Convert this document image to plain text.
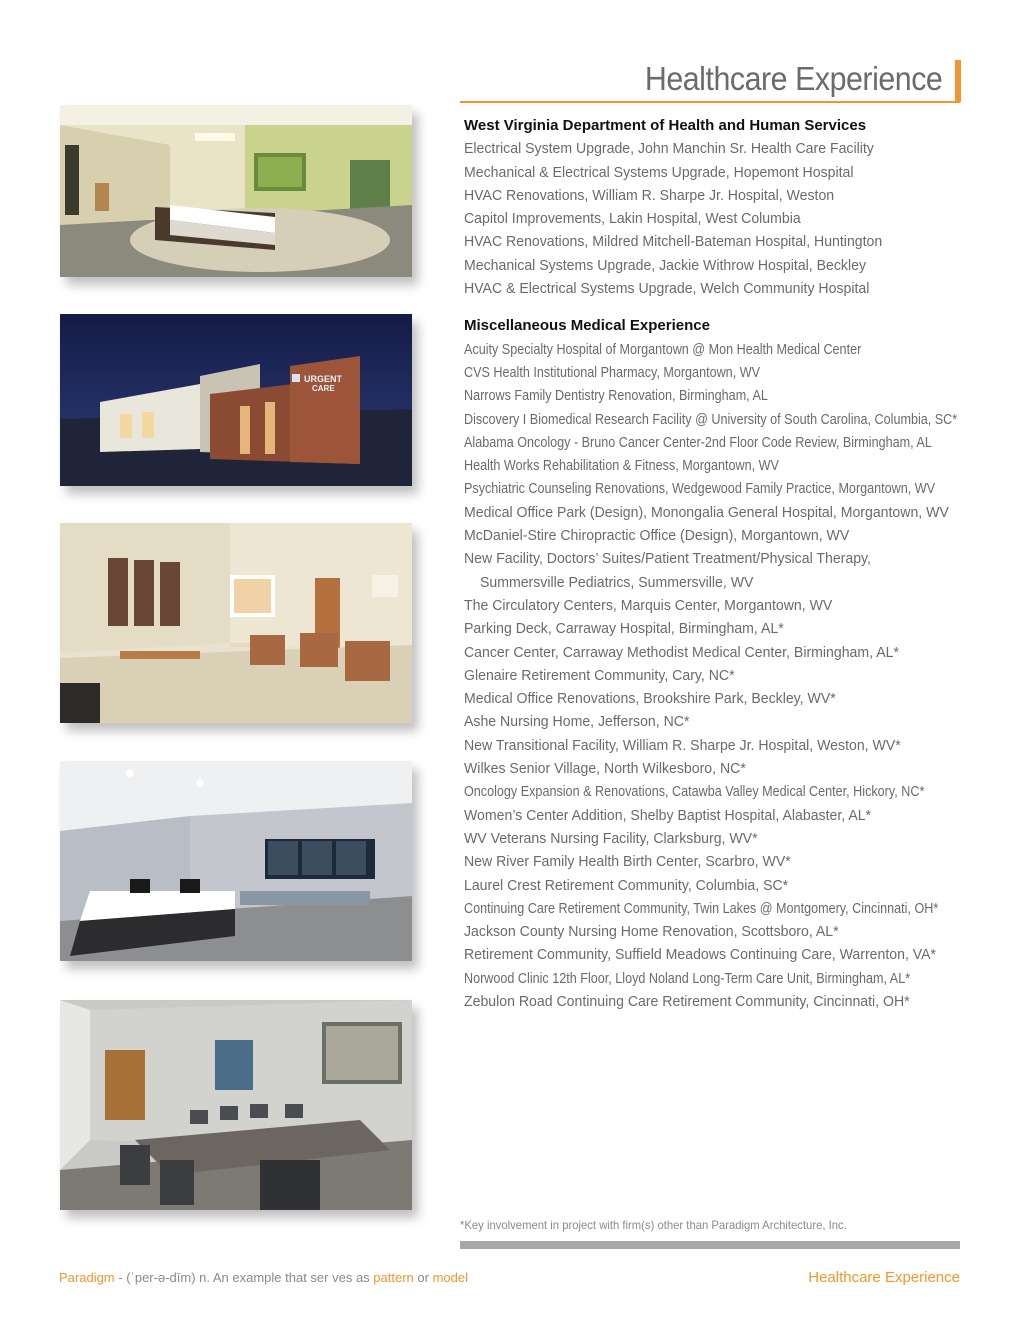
Healthcare Experience
URGENT
CARE
West Virginia Department of Health and Human Services
Electrical System Upgrade, John Manchin Sr. Health Care Facility
Mechanical & Electrical Systems Upgrade, Hopemont Hospital
HVAC Renovations, William R. Sharpe Jr. Hospital, Weston
Capitol Improvements, Lakin Hospital, West Columbia
HVAC Renovations, Mildred Mitchell-Bateman Hospital, Huntington
Mechanical Systems Upgrade, Jackie Withrow Hospital, Beckley
HVAC & Electrical Systems Upgrade, Welch Community Hospital
Miscellaneous Medical Experience
Acuity Specialty Hospital of Morgantown @ Mon Health Medical Center
CVS Health Institutional Pharmacy, Morgantown, WV
Narrows Family Dentistry Renovation, Birmingham, AL
Discovery I Biomedical Research Facility @ University of South Carolina, Columbia, SC*
Alabama Oncology - Bruno Cancer Center-2nd Floor Code Review, Birmingham, AL
Health Works Rehabilitation & Fitness, Morgantown, WV
Psychiatric Counseling Renovations, Wedgewood Family Practice, Morgantown, WV
Medical Office Park (Design), Monongalia General Hospital, Morgantown, WV
McDaniel-Stire Chiropractic Office (Design), Morgantown, WV
New Facility, Doctors’ Suites/Patient Treatment/Physical Therapy,
Summersville Pediatrics, Summersville, WV
The Circulatory Centers, Marquis Center, Morgantown, WV
Parking Deck, Carraway Hospital, Birmingham, AL*
Cancer Center, Carraway Methodist Medical Center, Birmingham, AL*
Glenaire Retirement Community, Cary, NC*
Medical Office Renovations, Brookshire Park, Beckley, WV*
Ashe Nursing Home, Jefferson, NC*
New Transitional Facility, William R. Sharpe Jr. Hospital, Weston, WV*
Wilkes Senior Village, North Wilkesboro, NC*
Oncology Expansion & Renovations, Catawba Valley Medical Center, Hickory, NC*
Women’s Center Addition, Shelby Baptist Hospital, Alabaster, AL*
WV Veterans Nursing Facility, Clarksburg, WV*
New River Family Health Birth Center, Scarbro, WV*
Laurel Crest Retirement Community, Columbia, SC*
Continuing Care Retirement Community, Twin Lakes @ Montgomery, Cincinnati, OH*
Jackson County Nursing Home Renovation, Scottsboro, AL*
Retirement Community, Suffield Meadows Continuing Care, Warrenton, VA*
Norwood Clinic 12th Floor, Lloyd Noland Long-Term Care Unit, Birmingham, AL*
Zebulon Road Continuing Care Retirement Community, Cincinnati, OH*
*Key involvement in project with firm(s) other than Paradigm Architecture, Inc.
Paradigm - (ˈper-ə-dīm) n. An example that ser ves as pattern or model	Healthcare Experience
